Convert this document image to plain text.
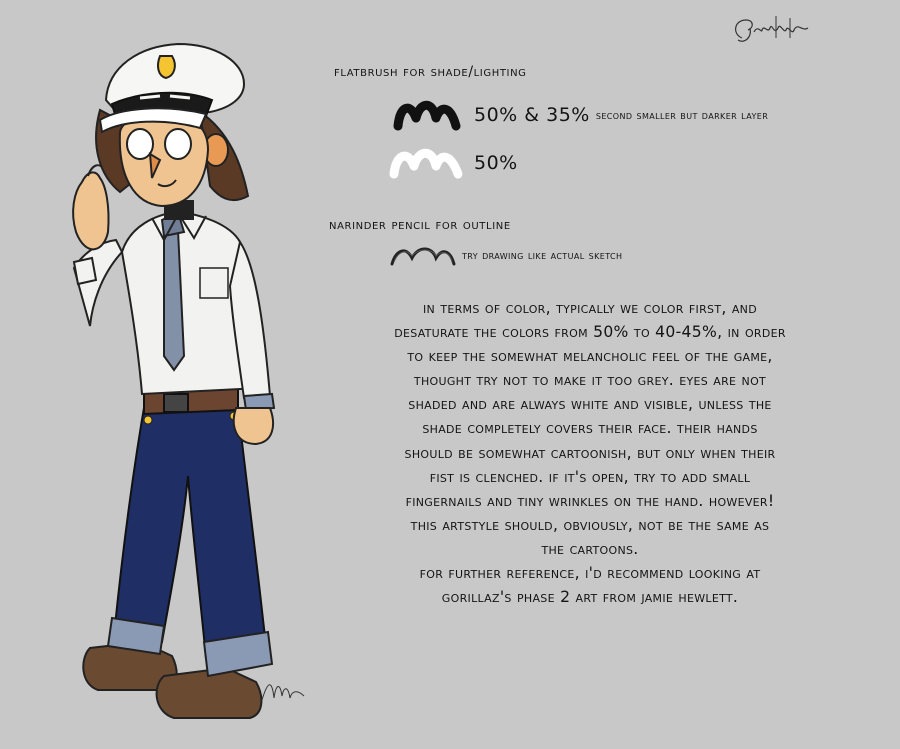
flatbrush for shade/lighting
50% & 35% second smaller but darker layer
50%
narinder pencil for outline
try drawing like actual sketch
in terms of color, typically we color first, and
desaturate the colors from 50% to 40-45%, in order
to keep the somewhat melancholic feel of the game,
thought try not to make it too grey. eyes are not
shaded and are always white and visible, unless the
shade completely covers their face. their hands
should be somewhat cartoonish, but only when their
fist is clenched. if it's open, try to add small
fingernails and tiny wrinkles on the hand. however!
this artstyle should, obviously, not be the same as
the cartoons.
for further reference, i'd recommend looking at
gorillaz's phase 2 art from jamie hewlett.
